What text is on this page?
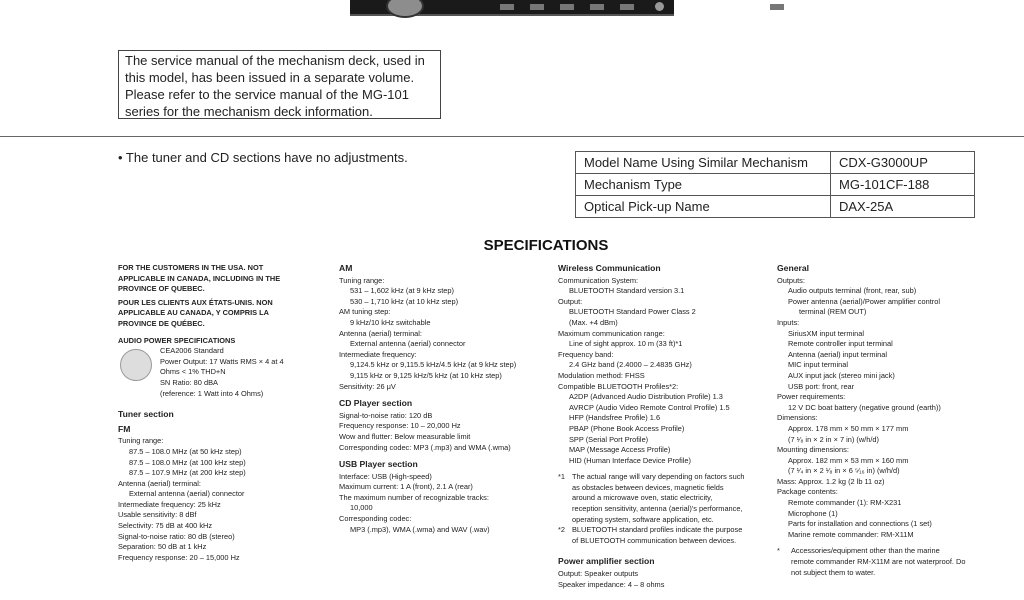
The service manual of the mechanism deck, used in
this model, has been issued in a separate volume.
Please refer to the service manual of the MG-101
series for the mechanism deck information.
• The tuner and CD sections have no adjustments.	Model Name Using Similar Mechanism	CDX-G3000UP
Mechanism Type	MG-101CF-188
Optical Pick-up Name	DAX-25A
SPECIFICATIONS
FOR THE CUSTOMERS IN THE USA. NOT
APPLICABLE IN CANADA, INCLUDING IN THE
PROVINCE OF QUEBEC.
POUR LES CLIENTS AUX ÉTATS-UNIS. NON
APPLICABLE AU CANADA, Y COMPRIS LA
PROVINCE DE QUÉBEC.
AUDIO POWER SPECIFICATIONS
CEA2006 Standard
Power Output: 17 Watts RMS × 4 at 4
Ohms < 1% THD+N
SN Ratio: 80 dBA
(reference: 1 Watt into 4 Ohms)
Tuner section
FM
Tuning range:
87.5 – 108.0 MHz (at 50 kHz step)
87.5 – 108.0 MHz (at 100 kHz step)
87.5 – 107.9 MHz (at 200 kHz step)
Antenna (aerial) terminal:
External antenna (aerial) connector
Intermediate frequency: 25 kHz
Usable sensitivity: 8 dBf
Selectivity: 75 dB at 400 kHz
Signal-to-noise ratio: 80 dB (stereo)
Separation: 50 dB at 1 kHz
Frequency response: 20 – 15,000 Hz
AM
Tuning range:
531 – 1,602 kHz (at 9 kHz step)
530 – 1,710 kHz (at 10 kHz step)
AM tuning step:
9 kHz/10 kHz switchable
Antenna (aerial) terminal:
External antenna (aerial) connector
Intermediate frequency:
9,124.5 kHz or 9,115.5 kHz/4.5 kHz (at 9 kHz step)
9,115 kHz or 9,125 kHz/5 kHz (at 10 kHz step)
Sensitivity: 26 μV
CD Player section
Signal-to-noise ratio: 120 dB
Frequency response: 10 – 20,000 Hz
Wow and flutter: Below measurable limit
Corresponding codec: MP3 (.mp3) and WMA (.wma)
USB Player section
Interface: USB (High-speed)
Maximum current: 1 A (front), 2.1 A (rear)
The maximum number of recognizable tracks:
10,000
Corresponding codec:
MP3 (.mp3), WMA (.wma) and WAV (.wav)
Wireless Communication
Communication System:
BLUETOOTH Standard version 3.1
Output:
BLUETOOTH Standard Power Class 2
(Max. +4 dBm)
Maximum communication range:
Line of sight approx. 10 m (33 ft)*1
Frequency band:
2.4 GHz band (2.4000 – 2.4835 GHz)
Modulation method: FHSS
Compatible BLUETOOTH Profiles*2:
A2DP (Advanced Audio Distribution Profile) 1.3
AVRCP (Audio Video Remote Control Profile) 1.5
HFP (Handsfree Profile) 1.6
PBAP (Phone Book Access Profile)
SPP (Serial Port Profile)
MAP (Message Access Profile)
HID (Human Interface Device Profile)
*1 The actual range will vary depending on factors such
as obstacles between devices, magnetic fields
around a microwave oven, static electricity,
reception sensitivity, antenna (aerial)'s performance,
operating system, software application, etc.
*2 BLUETOOTH standard profiles indicate the purpose
of BLUETOOTH communication between devices.
Power amplifier section
Output: Speaker outputs
Speaker impedance: 4 – 8 ohms
General
Outputs:
Audio outputs terminal (front, rear, sub)
Power antenna (aerial)/Power amplifier control
terminal (REM OUT)
Inputs:
SiriusXM input terminal
Remote controller input terminal
Antenna (aerial) input terminal
MIC input terminal
AUX input jack (stereo mini jack)
USB port: front, rear
Power requirements:
12 V DC boat battery (negative ground (earth))
Dimensions:
Approx. 178 mm × 50 mm × 177 mm
(7 ¹⁄₈ in × 2 in × 7 in) (w/h/d)
Mounting dimensions:
Approx. 182 mm × 53 mm × 160 mm
(7 ¹⁄₄ in × 2 ¹⁄₈ in × 6 ⁵⁄₁₆ in) (w/h/d)
Mass: Approx. 1.2 kg (2 lb 11 oz)
Package contents:
Remote commander (1): RM-X231
Microphone (1)
Parts for installation and connections (1 set)
Marine remote commander: RM-X11M
*	Accessories/equipment other than the marine
remote commander RM-X11M are not waterproof. Do
not subject them to water.
